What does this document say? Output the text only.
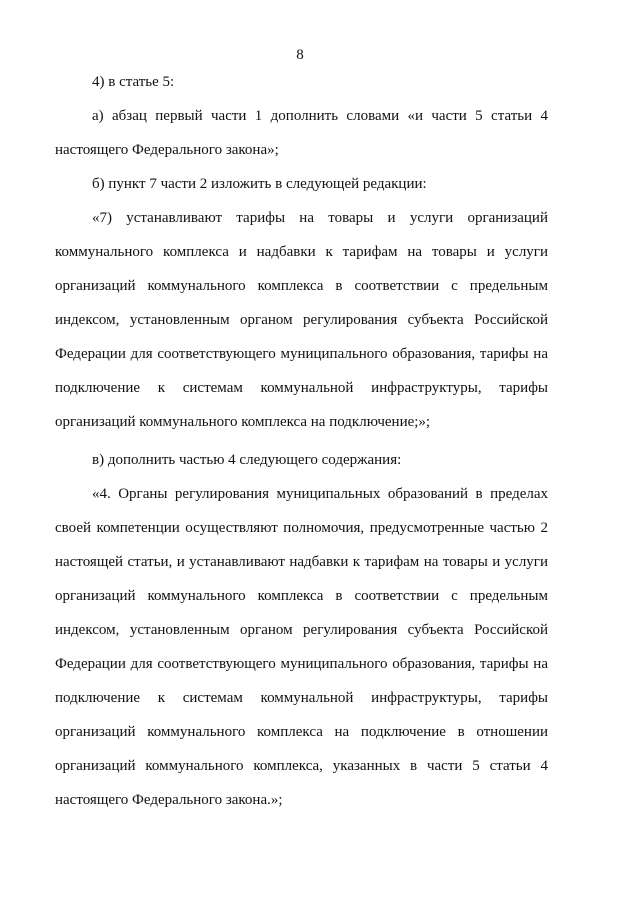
8
4) в статье 5:
а) абзац первый части 1 дополнить словами «и части 5 статьи 4
настоящего Федерального закона»;
б) пункт 7 части 2 изложить в следующей редакции:
«7) устанавливают тарифы на товары и услуги организаций
коммунального комплекса и надбавки к тарифам на товары и услуги
организаций коммунального комплекса в соответствии с предельным
индексом, установленным органом регулирования субъекта Российской
Федерации для соответствующего муниципального образования, тарифы на
подключение к системам коммунальной инфраструктуры, тарифы
организаций коммунального комплекса на подключение;»;
в) дополнить частью 4 следующего содержания:
«4. Органы регулирования муниципальных образований в пределах
своей компетенции осуществляют полномочия, предусмотренные частью 2
настоящей статьи, и устанавливают надбавки к тарифам на товары и услуги
организаций коммунального комплекса в соответствии с предельным
индексом, установленным органом регулирования субъекта Российской
Федерации для соответствующего муниципального образования, тарифы на
подключение к системам коммунальной инфраструктуры, тарифы
организаций коммунального комплекса на подключение в отношении
организаций коммунального комплекса, указанных в части 5 статьи 4
настоящего Федерального закона.»;
